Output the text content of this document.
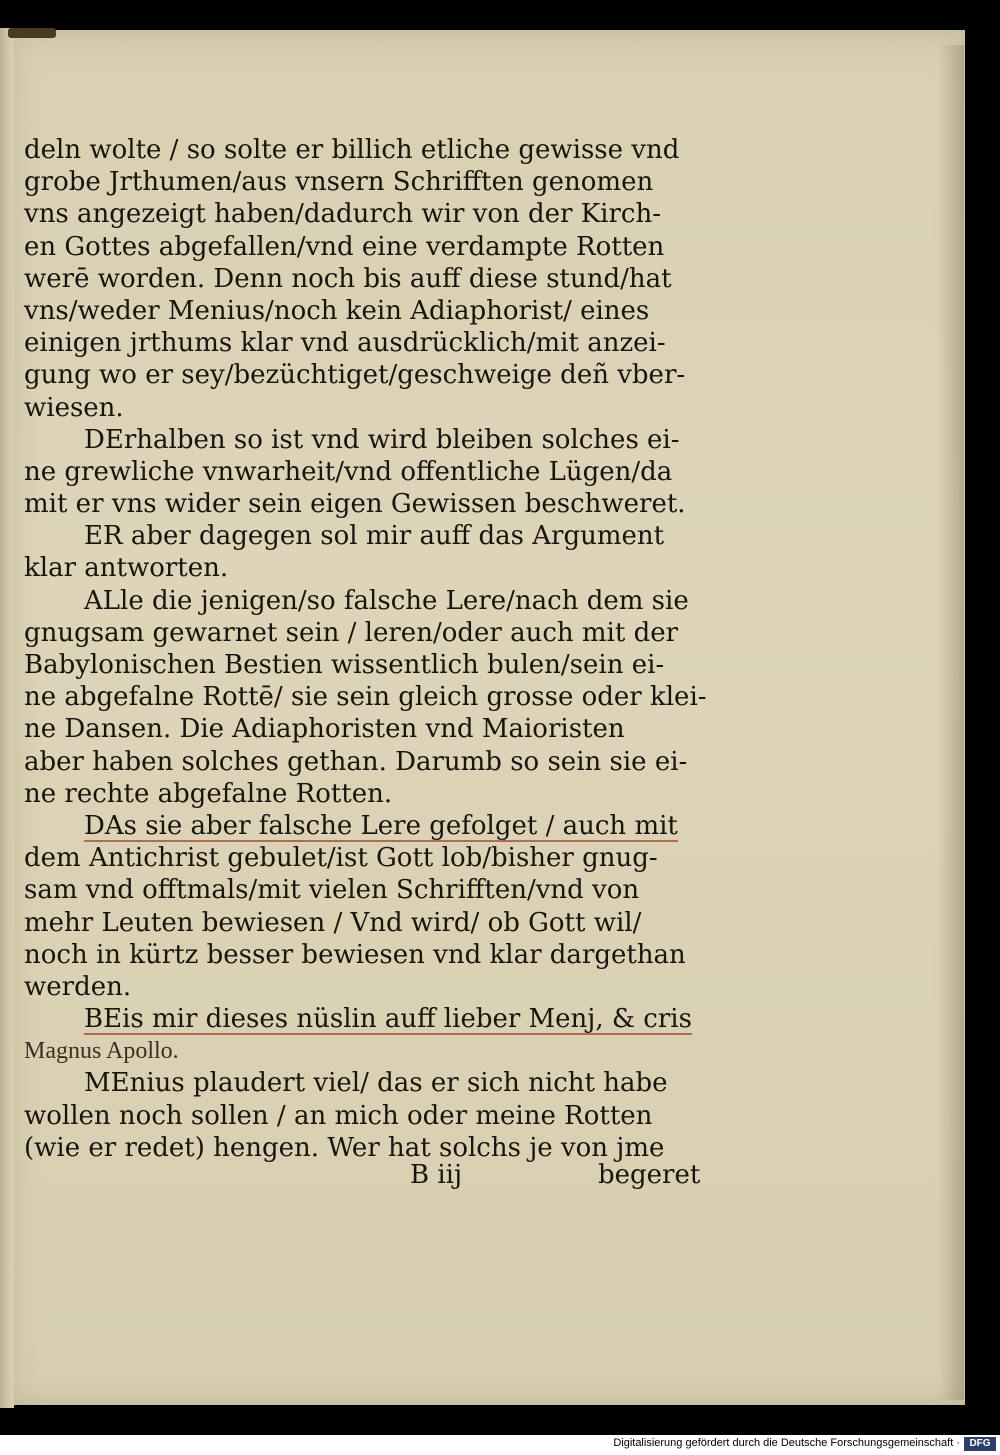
deln wolte / so solte er billich etliche gewisse vnd
grobe Jrthumen/aus vnsern Schrifften genomen
vns angezeigt haben/dadurch wir von der Kirch-
en Gottes abgefallen/vnd eine verdampte Rotten
werē worden. Denn noch bis auff diese stund/hat
vns/weder Menius/noch kein Adiaphorist/ eines
einigen jrthums klar vnd ausdrücklich/mit anzei-
gung wo er sey/bezüchtiget/geschweige deñ vber-
wiesen.
DErhalben so ist vnd wird bleiben solches ei-
ne grewliche vnwarheit/vnd offentliche Lügen/da
mit er vns wider sein eigen Gewissen beschweret.
ER aber dagegen sol mir auff das Argument
klar antworten.
ALle die jenigen/so falsche Lere/nach dem sie
gnugsam gewarnet sein / leren/oder auch mit der
Babylonischen Bestien wissentlich bulen/sein ei-
ne abgefalne Rottē/ sie sein gleich grosse oder klei-
ne Dansen. Die Adiaphoristen vnd Maioristen
aber haben solches gethan. Darumb so sein sie ei-
ne rechte abgefalne Rotten.
DAs sie aber falsche Lere gefolget / auch mit
dem Antichrist gebulet/ist Gott lob/bisher gnug-
sam vnd offtmals/mit vielen Schrifften/vnd von
mehr Leuten bewiesen / Vnd wird/ ob Gott wil/
noch in kürtz besser bewiesen vnd klar dargethan
werden.
BEis mir dieses nüslin auff lieber Menj, & cris
Magnus Apollo.
MEnius plaudert viel/ das er sich nicht habe
wollen noch sollen / an mich oder meine Rotten
(wie er redet) hengen. Wer hat solchs je von jme
B iij	begeret
Digitalisierung gefördert durch die Deutsche Forschungsgemeinschaft · DFG
